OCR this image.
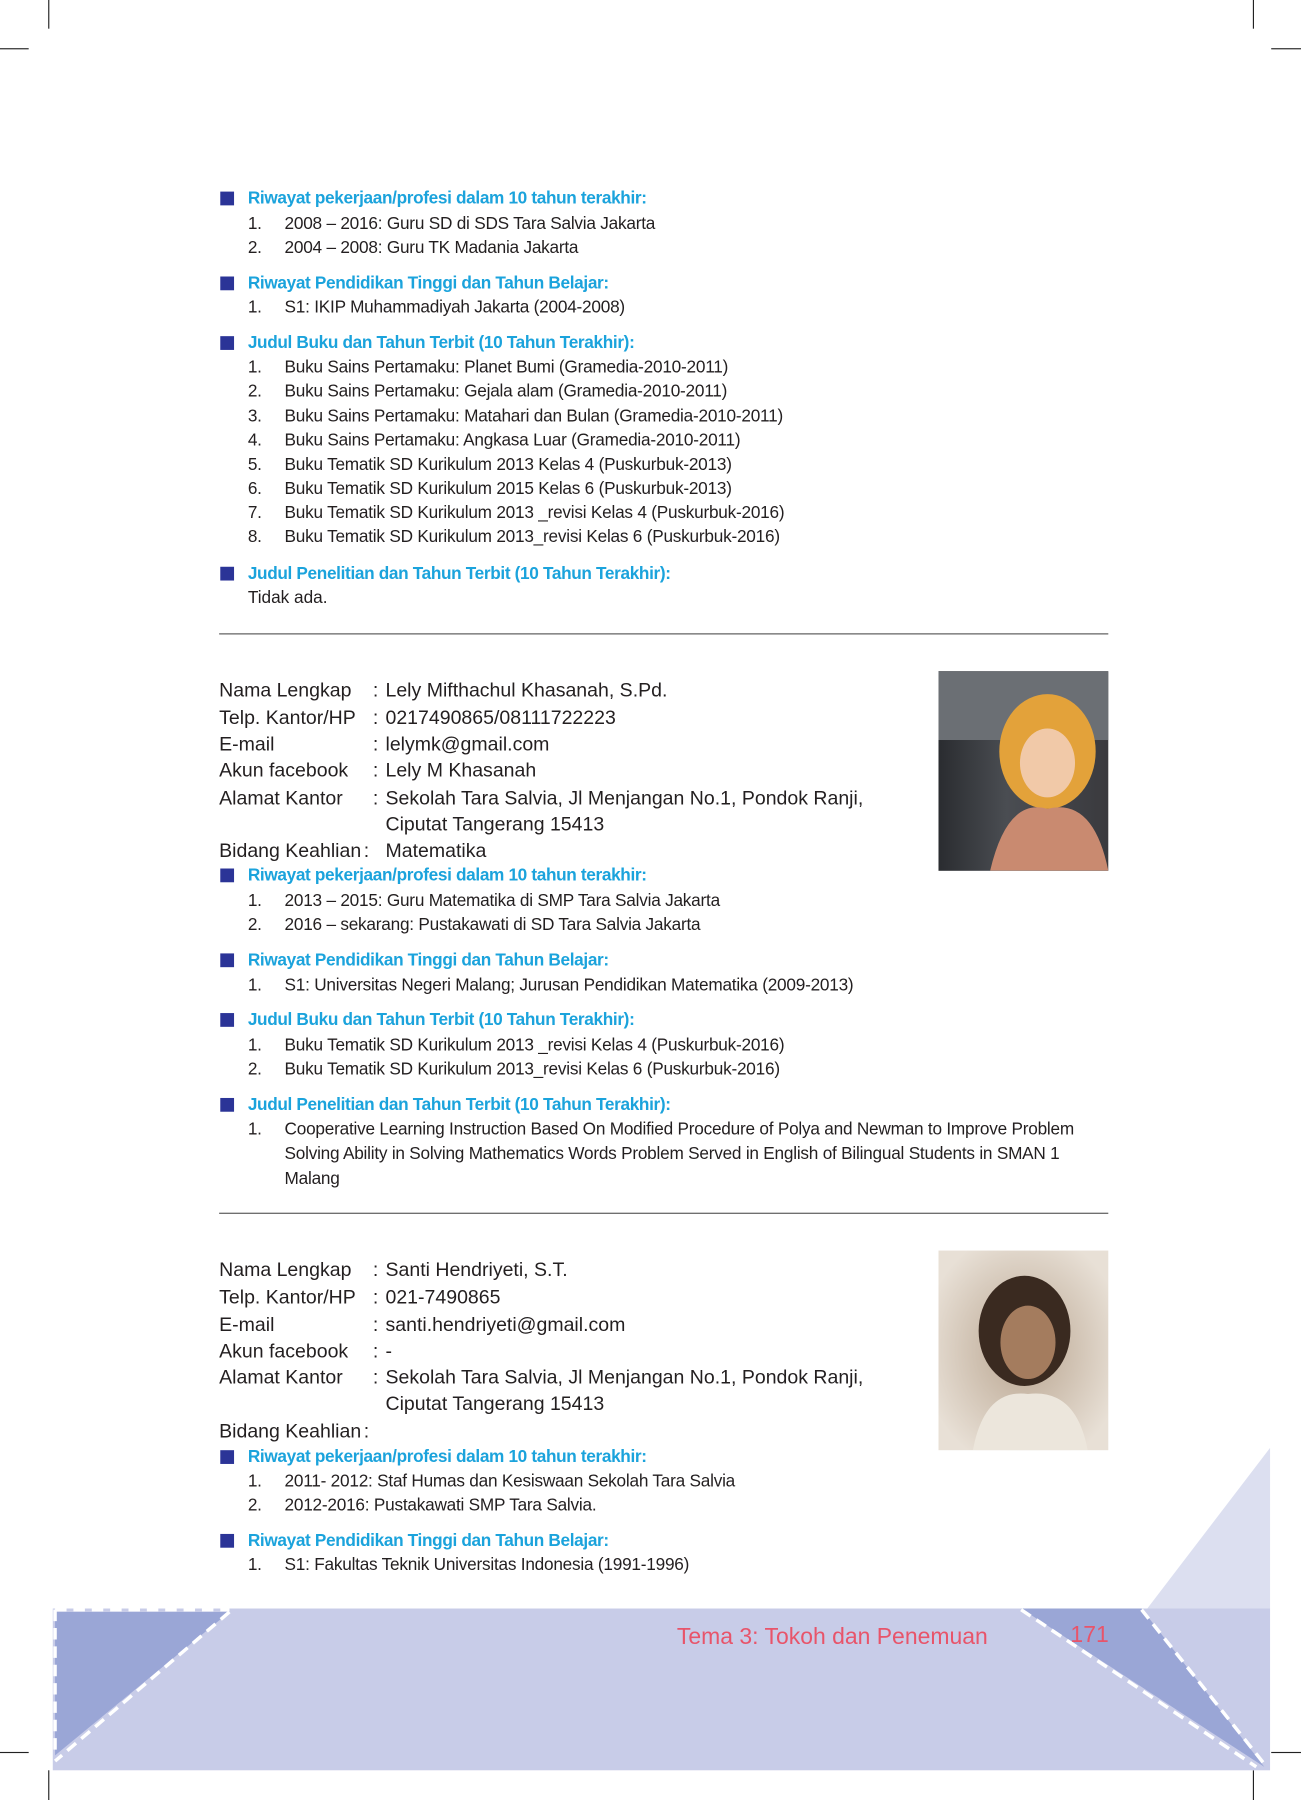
Riwayat pekerjaan/profesi dalam 10 tahun terakhir:
1. 2008 – 2016: Guru SD di SDS Tara Salvia Jakarta
2. 2004 – 2008: Guru TK Madania Jakarta
Riwayat Pendidikan Tinggi dan Tahun Belajar:
1. S1: IKIP Muhammadiyah Jakarta (2004-2008)
Judul Buku dan Tahun Terbit (10 Tahun Terakhir):
1. Buku Sains Pertamaku: Planet Bumi (Gramedia-2010-2011)
2. Buku Sains Pertamaku: Gejala alam (Gramedia-2010-2011)
3. Buku Sains Pertamaku: Matahari dan Bulan (Gramedia-2010-2011)
4. Buku Sains Pertamaku: Angkasa Luar (Gramedia-2010-2011)
5. Buku Tematik SD Kurikulum 2013 Kelas 4 (Puskurbuk-2013)
6. Buku Tematik SD Kurikulum 2015 Kelas 6 (Puskurbuk-2013)
7. Buku Tematik SD Kurikulum 2013 _revisi Kelas 4 (Puskurbuk-2016)
8. Buku Tematik SD Kurikulum 2013_revisi Kelas 6 (Puskurbuk-2016)
Judul Penelitian dan Tahun Terbit (10 Tahun Terakhir):
Tidak ada.
Nama Lengkap : Lely Mifthachul Khasanah, S.Pd.
Telp. Kantor/HP : 0217490865/08111722223
E-mail	: lelymk@gmail.com
Akun facebook : Lely M Khasanah
Alamat Kantor : Sekolah Tara Salvia, Jl Menjangan No.1, Pondok Ranji,
Ciputat Tangerang 15413
Bidang Keahlian : Matematika
Riwayat pekerjaan/profesi dalam 10 tahun terakhir:
1. 2013 – 2015: Guru Matematika di SMP Tara Salvia Jakarta
2. 2016 – sekarang: Pustakawati di SD Tara Salvia Jakarta
Riwayat Pendidikan Tinggi dan Tahun Belajar:
1. S1: Universitas Negeri Malang; Jurusan Pendidikan Matematika (2009-2013)
Judul Buku dan Tahun Terbit (10 Tahun Terakhir):
1. Buku Tematik SD Kurikulum 2013 _revisi Kelas 4 (Puskurbuk-2016)
2. Buku Tematik SD Kurikulum 2013_revisi Kelas 6 (Puskurbuk-2016)
Judul Penelitian dan Tahun Terbit (10 Tahun Terakhir):
1.	Cooperative Learning Instruction Based On Modified Procedure of Polya and Newman to Improve Problem Solving Ability in Solving Mathematics Words Problem Served in English of Bilingual Students in SMAN 1 Malang
Nama Lengkap : Santi Hendriyeti, S.T.
Telp. Kantor/HP : 021-7490865
E-mail	: santi.hendriyeti@gmail.com
Akun facebook : -
Alamat Kantor : Sekolah Tara Salvia, Jl Menjangan No.1, Pondok Ranji,
Ciputat Tangerang 15413
Bidang Keahlian :
Riwayat pekerjaan/profesi dalam 10 tahun terakhir:
1. 2011- 2012: Staf Humas dan Kesiswaan Sekolah Tara Salvia
2. 2012-2016: Pustakawati SMP Tara Salvia.
Riwayat Pendidikan Tinggi dan Tahun Belajar:
1. S1: Fakultas Teknik Universitas Indonesia (1991-1996)
Tema 3: Tokoh dan Penemuan	171
